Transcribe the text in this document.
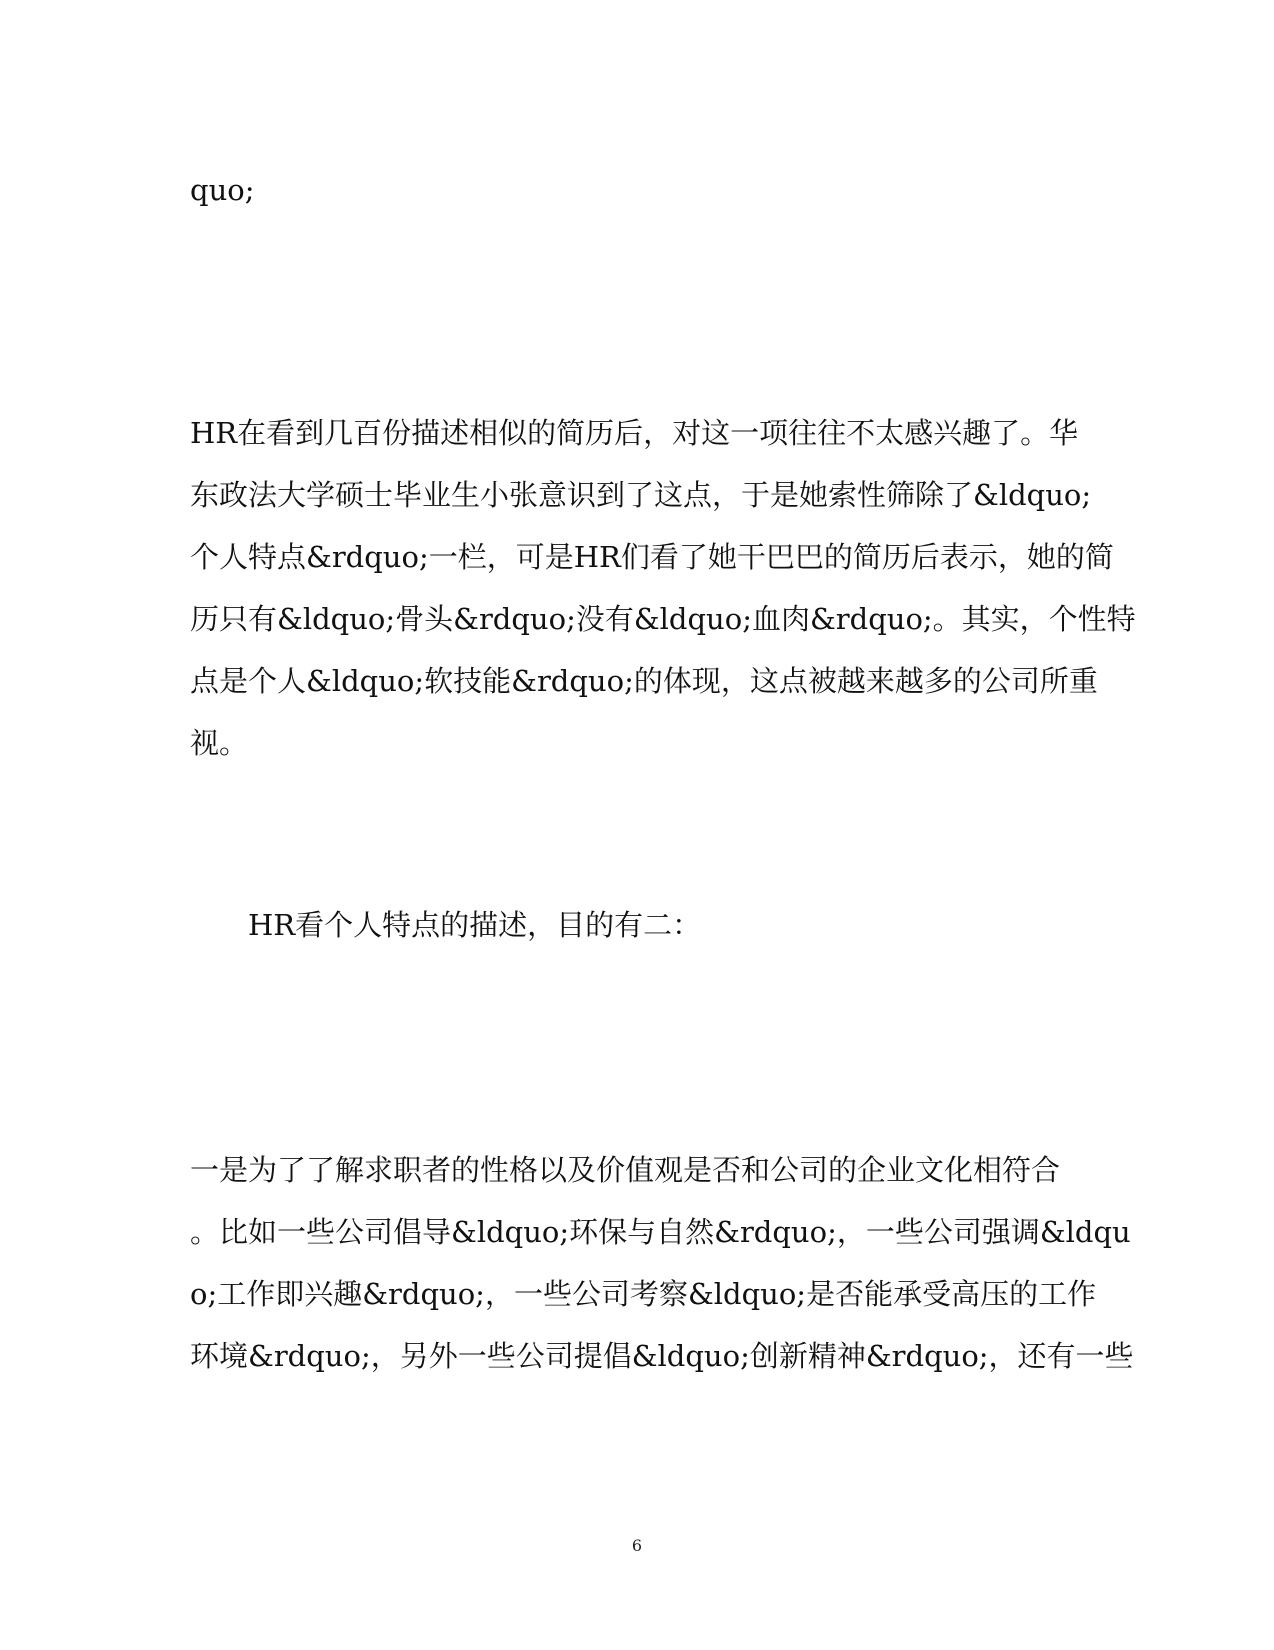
quo;
HR在看到几百份描述相似的简历后，对这一项往往不太感兴趣了。华
东政法大学硕士毕业生小张意识到了这点，于是她索性筛除了&ldquo;
个人特点&rdquo;一栏，可是HR们看了她干巴巴的简历后表示，她的简
历只有&ldquo;骨头&rdquo;没有&ldquo;血肉&rdquo;。其实，个性特
点是个人&ldquo;软技能&rdquo;的体现，这点被越来越多的公司所重
视。
HR看个人特点的描述，目的有二：
一是为了了解求职者的性格以及价值观是否和公司的企业文化相符合
。比如一些公司倡导&ldquo;环保与自然&rdquo;，一些公司强调&ldqu
o;工作即兴趣&rdquo;，一些公司考察&ldquo;是否能承受高压的工作
环境&rdquo;，另外一些公司提倡&ldquo;创新精神&rdquo;，还有一些
6
